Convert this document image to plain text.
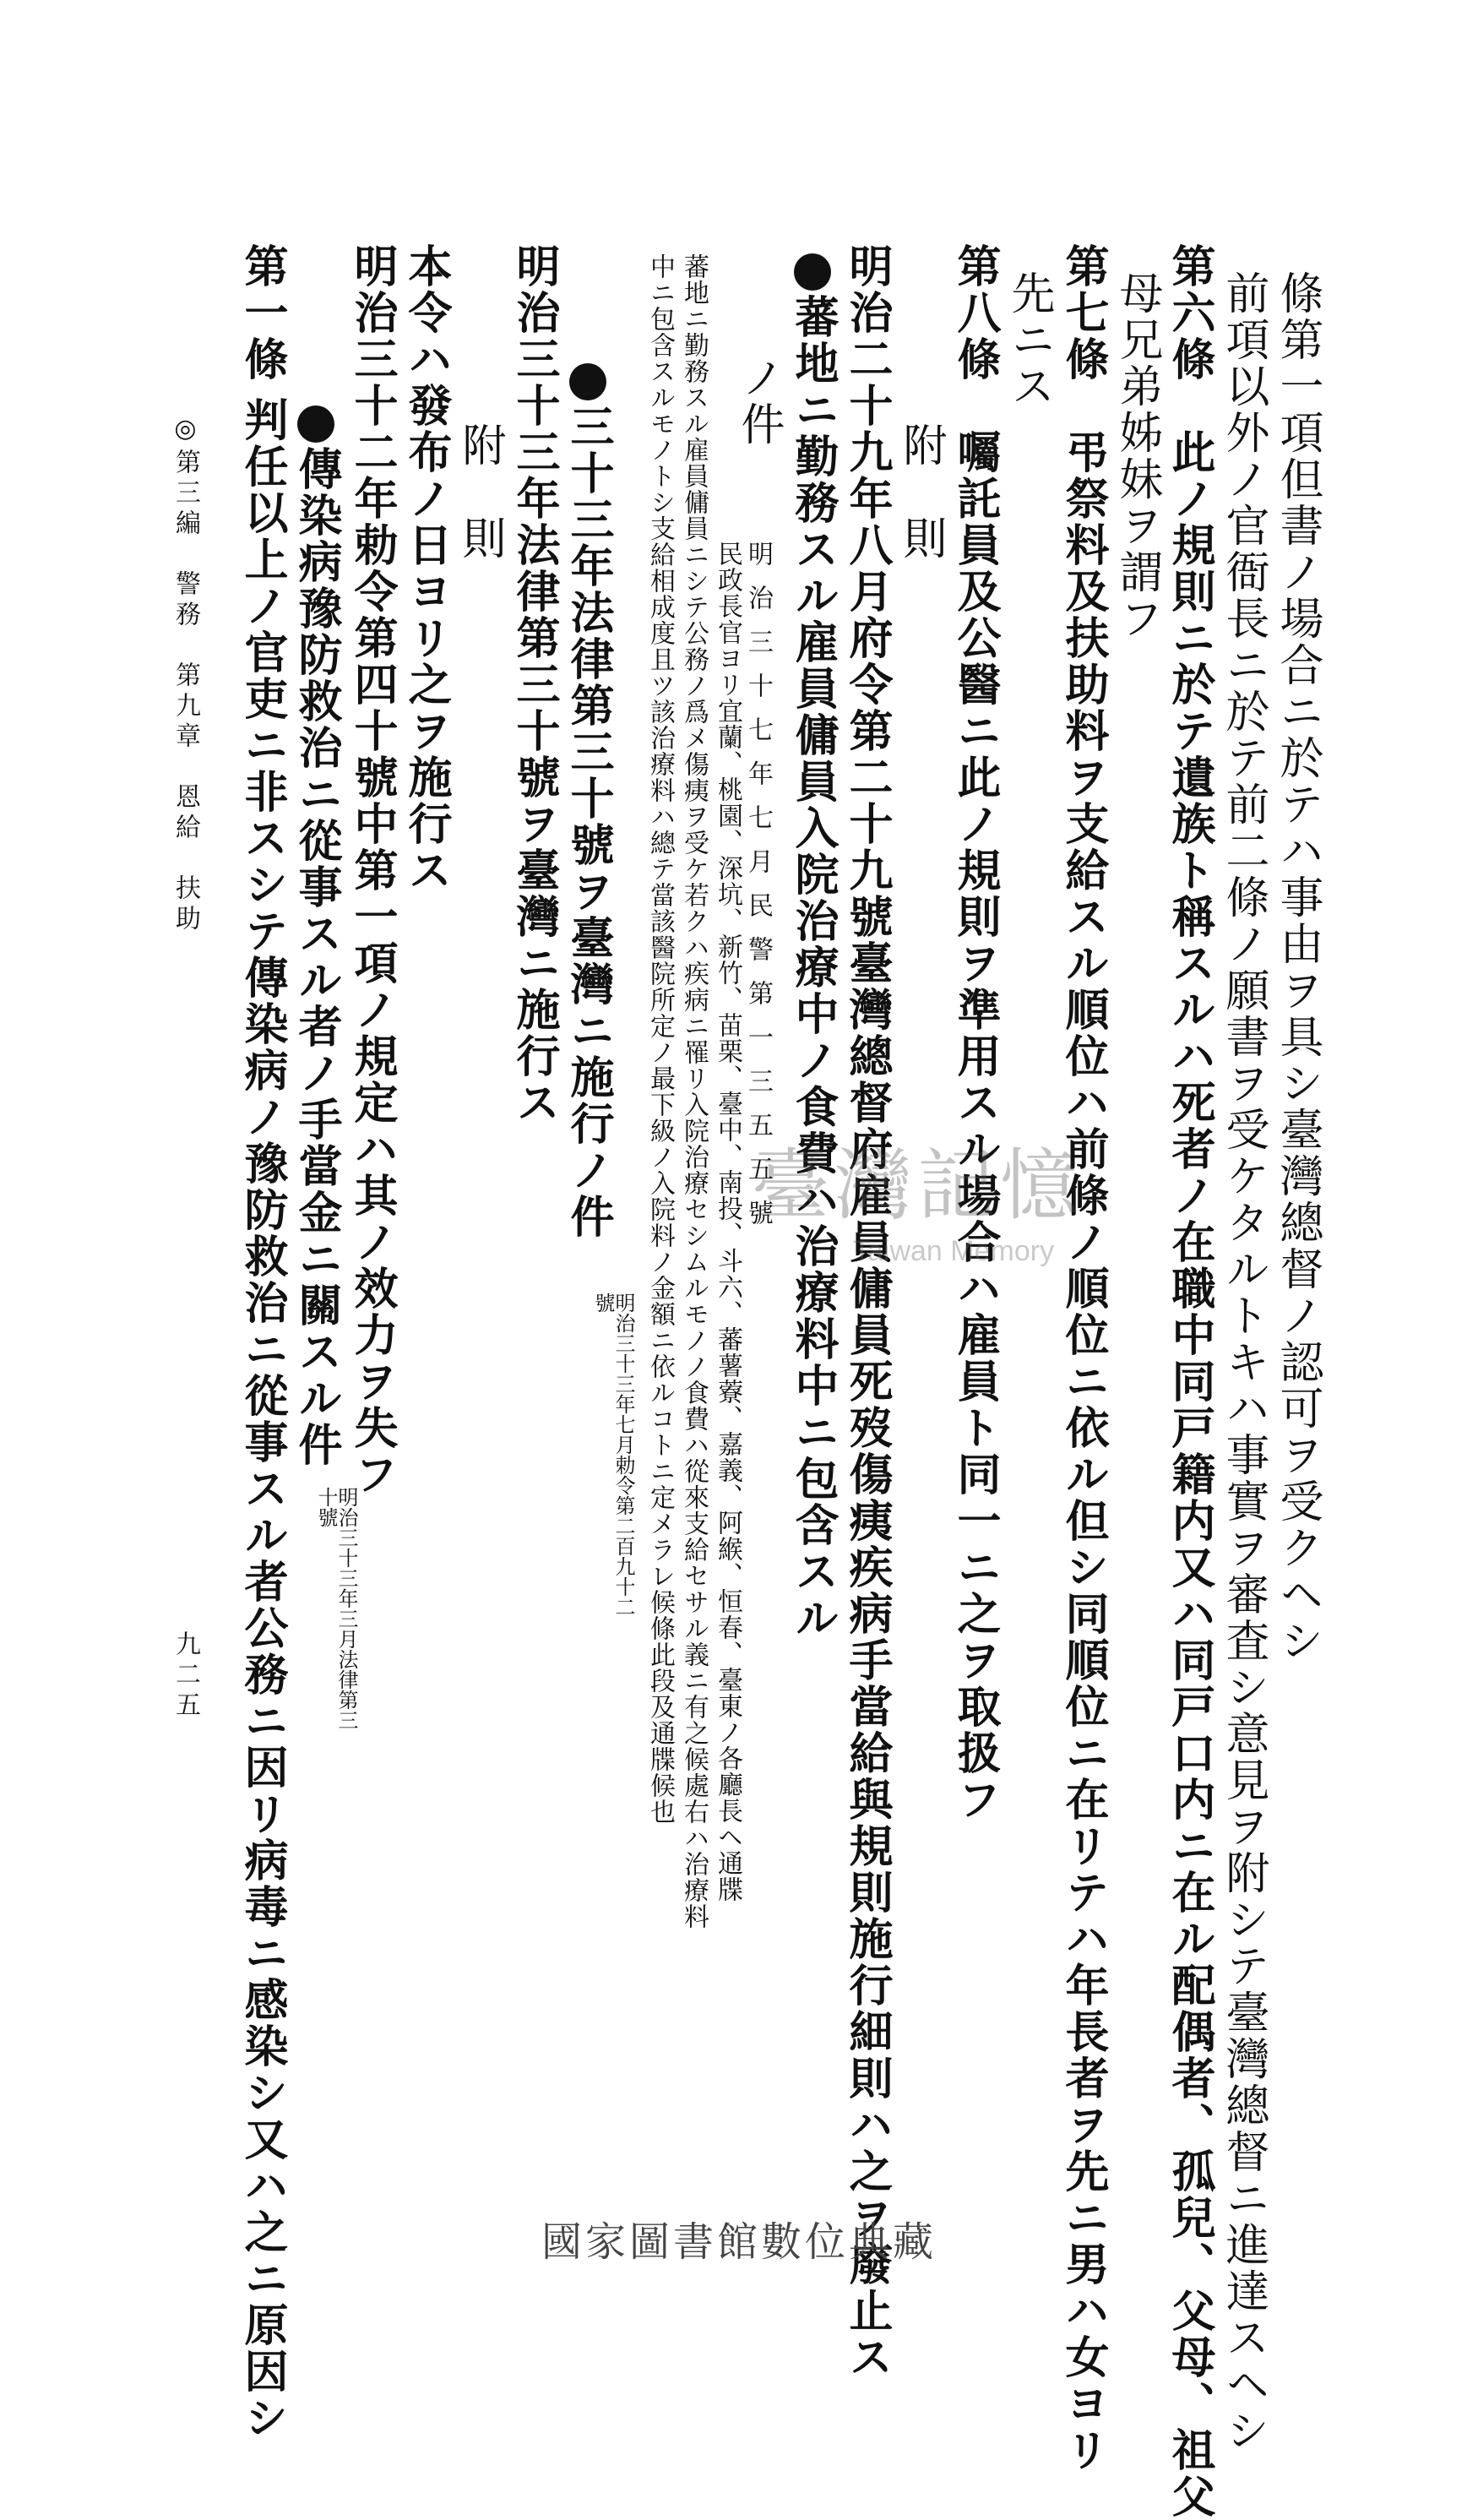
條第一項但書ノ場合ニ於テハ事由ヲ具シ臺灣總督ノ認可ヲ受クヘシ
前項以外ノ官衙長ニ於テ前二條ノ願書ヲ受ケタルトキハ事實ヲ審査シ意見ヲ附シテ臺灣總督ニ進達スヘシ
第六條　此ノ規則ニ於テ遺族ト稱スルハ死者ノ在職中同戸籍内又ハ同戸口内ニ在ル配偶者、孤兒、父母、祖父
母兄弟姊妹ヲ謂フ
第七條　弔祭料及扶助料ヲ支給スル順位ハ前條ノ順位ニ依ル但シ同順位ニ在リテハ年長者ヲ先ニ男ハ女ヨリ
先ニス
第八條　囑託員及公醫ニ此ノ規則ヲ準用スル場合ハ雇員ト同一ニ之ヲ取扱フ
附　則
明治二十九年八月府令第二十九號臺灣總督府雇員傭員死歿傷痍疾病手當給與規則施行細則ハ之ヲ廢止ス
蕃地ニ勤務スル雇員傭員入院治療中ノ食費ハ治療料中ニ包含スル
ノ件
明治三十七年七月民警第一三五五號
民政長官ヨリ宜蘭、桃園、深坑、新竹、苗栗、臺中、南投、斗六、蕃薯藔、嘉義、阿緱、恒春、臺東ノ各廳長ヘ通牒
蕃地ニ勤務スル雇員傭員ニシテ公務ノ爲メ傷痍ヲ受ケ若クハ疾病ニ罹リ入院治療セシムルモノノ食費ハ從來支給セサル義ニ有之候處右ハ治療料
中ニ包含スルモノトシ支給相成度且ツ該治療料ハ總テ當該醫院所定ノ最下級ノ入院料ノ金額ニ依ルコトニ定メラレ候條此段及通牒候也
三十三年法律第三十號ヲ臺灣ニ施行ノ件
明治三十三年七月勅令第二百九十二號
明治三十三年法律第三十號ヲ臺灣ニ施行ス
附　則
本令ハ發布ノ日ヨリ之ヲ施行ス
明治三十二年勅令第四十號中第一項ノ規定ハ其ノ效力ヲ失フ
傳染病豫防救治ニ從事スル者ノ手當金ニ關スル件
明治三十三年三月法律第三十號
第一條
判任以上ノ官吏ニ非スシテ傳染病ノ豫防救治ニ從事スル者公務ニ因リ病毒ニ感染シ又ハ之ニ原因シ
◎第三編　警務　第九章　恩給　扶助
九二五
臺灣記憶
Taiwan Memory
國家圖書館數位典藏
